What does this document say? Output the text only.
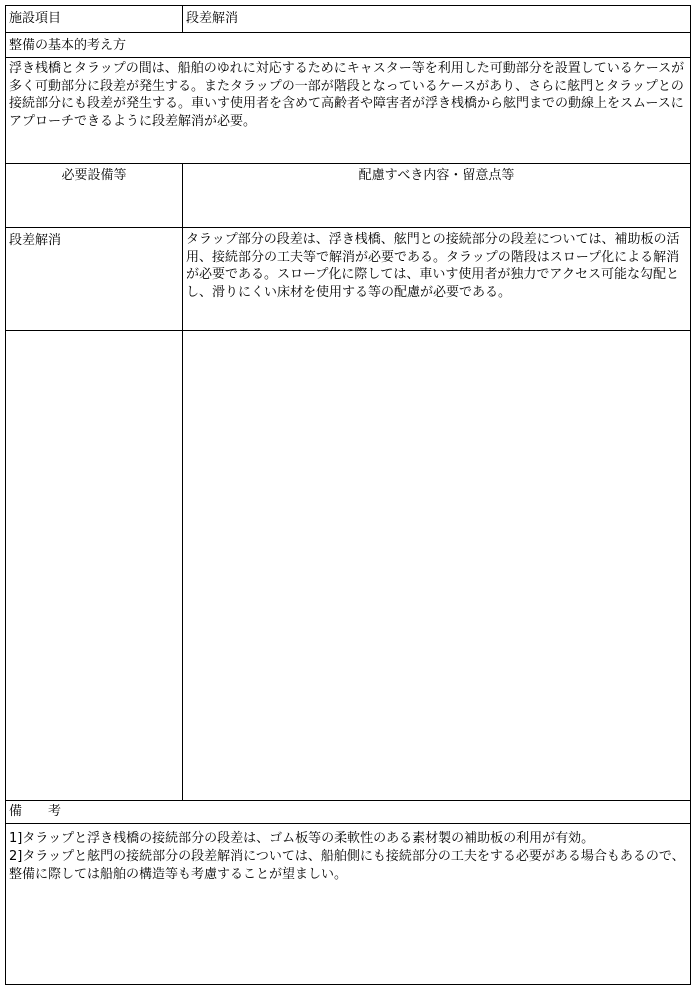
施設項目	段差解消
整備の基本的考え方
浮き桟橋とタラップの間は、船舶のゆれに対応するためにキャスター等を利用した可動部分を設置しているケースが多く可動部分に段差が発生する。またタラップの一部が階段となっているケースがあり、さらに舷門とタラップとの接続部分にも段差が発生する。車いす使用者を含めて高齢者や障害者が浮き桟橋から舷門までの動線上をスムースにアプローチできるように段差解消が必要。
必要設備等	配慮すべき内容・留意点等
段差解消	タラップ部分の段差は、浮き桟橋、舷門との接続部分の段差については、補助板の活用、接続部分の工夫等で解消が必要である。タラップの階段はスロープ化による解消が必要である。スロープ化に際しては、車いす使用者が独力でアクセス可能な勾配とし、滑りにくい床材を使用する等の配慮が必要である。
備　　考
1]タラップと浮き桟橋の接続部分の段差は、ゴム板等の柔軟性のある素材製の補助板の利用が有効。
2]タラップと舷門の接続部分の段差解消については、船舶側にも接続部分の工夫をする必要がある場合もあるので、整備に際しては船舶の構造等も考慮することが望ましい。
